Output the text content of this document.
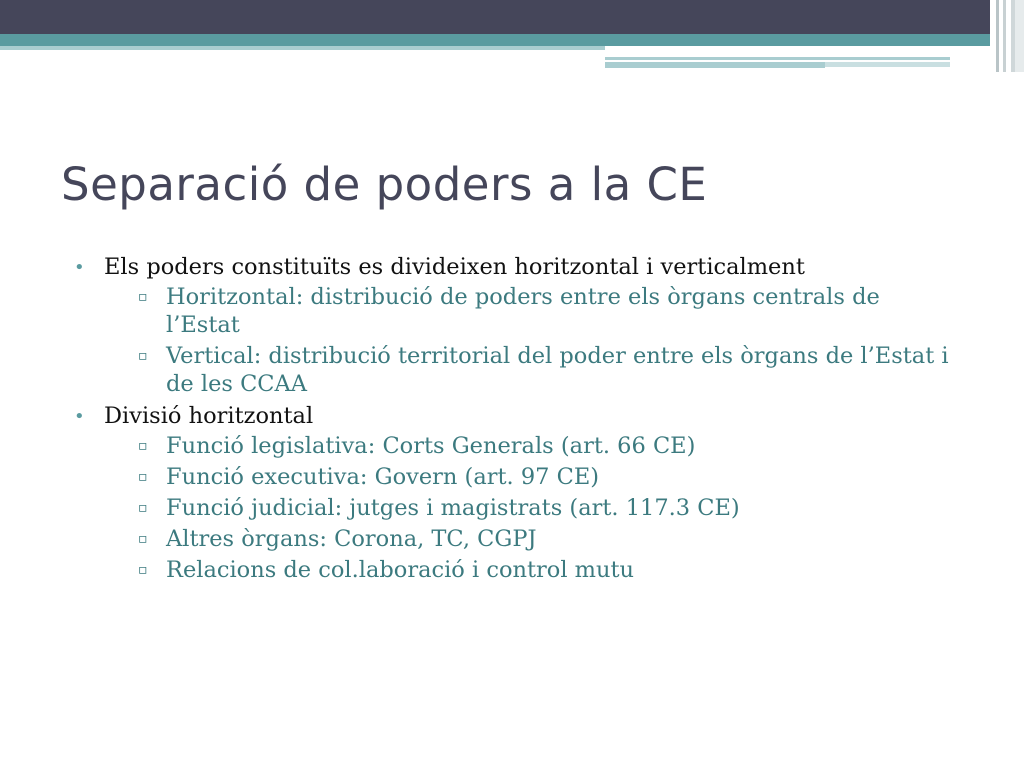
Separació de poders a la CE
• Els poders constituïts es divideixen horitzontal i verticalment
▫ Horitzontal: distribució de poders entre els òrgans centrals de l’Estat
▫ Vertical: distribució territorial del poder entre els òrgans de l’Estat i de les CCAA
• Divisió horitzontal
▫ Funció legislativa: Corts Generals (art. 66 CE)
▫ Funció executiva: Govern (art. 97 CE)
▫ Funció judicial: jutges i magistrats (art. 117.3 CE)
▫ Altres òrgans: Corona, TC, CGPJ
▫ Relacions de col.laboració i control mutu
